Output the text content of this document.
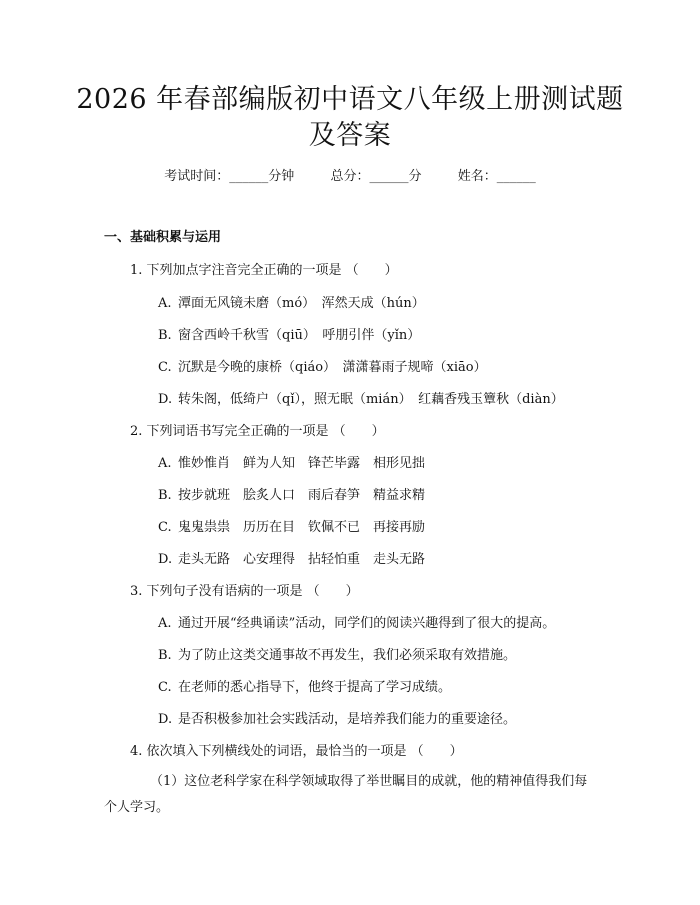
2026 年春部编版初中语文八年级上册测试题
及答案
考试时间：______分钟	总分：______分	姓名：______
一、基础积累与运用
1. 下列加点字注音完全正确的一项是 （　　）
A. 潭面无风镜未磨（mó）　浑然天成（hún）
B. 窗含西岭千秋雪（qiū）　呼朋引伴（yǐn）
C. 沉默是今晚的康桥（qiáo）　潇潇暮雨子规啼（xiāo）
D. 转朱阁，低绮户（qǐ），照无眠（mián）　红藕香残玉簟秋（diàn）
2. 下列词语书写完全正确的一项是 （　　）
A. 惟妙惟肖　鲜为人知　锋芒毕露　相形见拙
B. 按步就班　脍炙人口　雨后春笋　精益求精
C. 鬼鬼祟祟　历历在目　钦佩不已　再接再励
D. 走头无路　心安理得　拈轻怕重　走头无路
3. 下列句子没有语病的一项是 （　　）
A. 通过开展“经典诵读”活动，同学们的阅读兴趣得到了很大的提高。
B. 为了防止这类交通事故不再发生，我们必须采取有效措施。
C. 在老师的悉心指导下，他终于提高了学习成绩。
D. 是否积极参加社会实践活动，是培养我们能力的重要途径。
4. 依次填入下列横线处的词语，最恰当的一项是 （　　）
（1）这位老科学家在科学领域取得了举世瞩目的成就，他的精神值得我们每个人学习。
